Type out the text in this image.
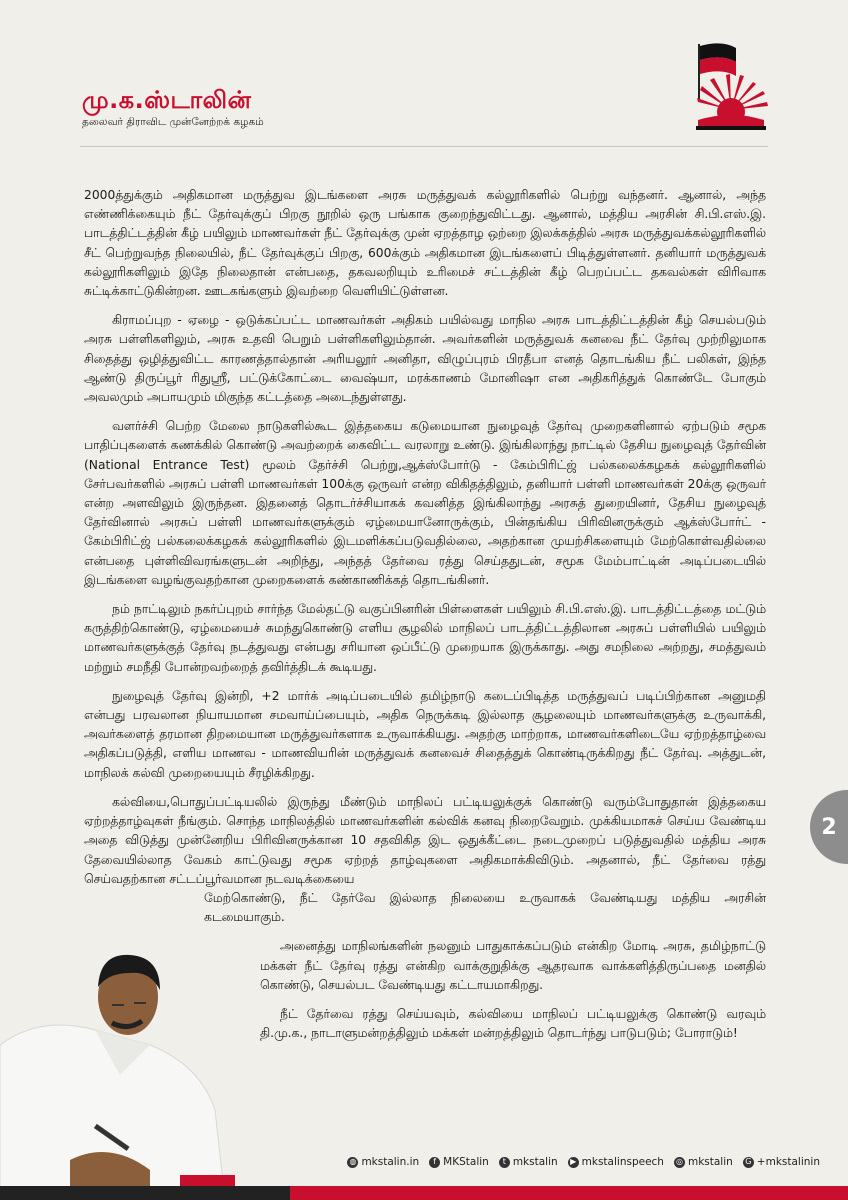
மு.க.ஸ்டாலின்
தலைவர் திராவிட முன்னேற்றக் கழகம்

2000த்துக்கும் அதிகமான மருத்துவ இடங்களை அரசு மருத்துவக் கல்லூரிகளில் பெற்று வந்தனர். ஆனால், அந்த எண்ணிக்கையும் நீட் தேர்வுக்குப் பிறகு நூறில் ஒரு பங்காக குறைந்துவிட்டது. ஆனால், மத்திய அரசின் சி.பி.எஸ்.இ. பாடத்திட்டத்தின் கீழ் பயிலும் மாணவர்கள் நீட் தேர்வுக்கு முன் ஏறத்தாழ ஒற்றை இலக்கத்தில் அரசு மருத்துவக்கல்லூரிகளில் சீட் பெற்றுவந்த நிலையில், நீட் தேர்வுக்குப் பிறகு, 600க்கும் அதிகமான இடங்களைப் பிடித்துள்ளனர். தனியார் மருத்துவக் கல்லூரிகளிலும் இதே நிலைதான் என்பதை, தகவலறியும் உரிமைச் சட்டத்தின் கீழ் பெறப்பட்ட தகவல்கள் விரிவாக சுட்டிக்காட்டுகின்றன. ஊடகங்களும் இவற்றை வெளியிட்டுள்ளன.

கிராமப்புற - ஏழை - ஒடுக்கப்பட்ட மாணவர்கள் அதிகம் பயில்வது மாநில அரசு பாடத்திட்டத்தின் கீழ் செயல்படும் அரசு பள்ளிகளிலும், அரசு உதவி பெறும் பள்ளிகளிலும்தான். அவர்களின் மருத்துவக் கனவை நீட் தேர்வு முற்றிலுமாக சிதைத்து ஒழித்துவிட்ட காரணத்தால்தான் அரியலூர் அனிதா, விழுப்புரம் பிரதீபா எனத் தொடங்கிய நீட் பலிகள், இந்த ஆண்டு திருப்பூர் ரிதுஸ்ரீ, பட்டுக்கோட்டை வைஷ்யா, மரக்காணம் மோனிஷா என அதிகரித்துக் கொண்டே போகும் அவலமும் அபாயமும் மிகுந்த கட்டத்தை அடைந்துள்ளது.

வளர்ச்சி பெற்ற மேலை நாடுகளில்கூட இத்தகைய கடுமையான நுழைவுத் தேர்வு முறைகளினால் ஏற்படும் சமூக பாதிப்புகளைக் கணக்கில் கொண்டு அவற்றைக் கைவிட்ட வரலாறு உண்டு. இங்கிலாந்து நாட்டில் தேசிய நுழைவுத் தேர்வின் (National Entrance Test) மூலம் தேர்ச்சி பெற்று,ஆக்ஸ்போர்டு - கேம்பிரிட்ஜ் பல்கலைக்கழகக் கல்லூரிகளில் சேர்பவர்களில் அரசுப் பள்ளி மாணவர்கள் 100க்கு ஒருவர் என்ற விகிதத்திலும், தனியார் பள்ளி மாணவர்கள் 20க்கு ஒருவர் என்ற அளவிலும் இருந்தன. இதனைத் தொடர்ச்சியாகக் கவனித்த இங்கிலாந்து அரசுத் துறையினர், தேசிய நுழைவுத் தேர்வினால் அரசுப் பள்ளி மாணவர்களுக்கும் ஏழ்மையானோருக்கும், பின்தங்கிய பிரிவினருக்கும் ஆக்ஸ்போர்ட் - கேம்பிரிட்ஜ் பல்கலைக்கழகக் கல்லூரிகளில் இடமளிக்கப்படுவதில்லை, அதற்கான முயற்சிகளையும் மேற்கொள்வதில்லை என்பதை புள்ளிவிவரங்களுடன் அறிந்து, அந்தத் தேர்வை ரத்து செய்ததுடன், சமூக மேம்பாட்டின் அடிப்படையில் இடங்களை வழங்குவதற்கான முறைகளைக் கண்காணிக்கத் தொடங்கினர்.

நம் நாட்டிலும் நகர்ப்புறம் சார்ந்த மேல்தட்டு வகுப்பினரின் பிள்ளைகள் பயிலும் சி.பி.எஸ்.இ. பாடத்திட்டத்தை மட்டும் கருத்திற்கொண்டு, ஏழ்மையைச் சுமந்துகொண்டு எளிய சூழலில் மாநிலப் பாடத்திட்டத்திலான அரசுப் பள்ளியில் பயிலும் மாணவர்களுக்குத் தேர்வு நடத்துவது என்பது சரியான ஒப்பீட்டு முறையாக இருக்காது. அது சமநிலை அற்றது, சமத்துவம் மற்றும் சமநீதி போன்றவற்றைத் தவிர்த்திடக் கூடியது.

நுழைவுத் தேர்வு இன்றி, +2 மார்க் அடிப்படையில் தமிழ்நாடு கடைப்பிடித்த மருத்துவப் படிப்பிற்கான அனுமதி என்பது பரவலான நியாயமான சமவாய்ப்பையும், அதிக நெருக்கடி இல்லாத சூழலையும் மாணவர்களுக்கு உருவாக்கி, அவர்களைத் தரமான திறமையான மருத்துவர்களாக உருவாக்கியது. அதற்கு மாற்றாக, மாணவர்களிடையே ஏற்றத்தாழ்வை அதிகப்படுத்தி, எளிய மாணவ - மாணவியரின் மருத்துவக் கனவைச் சிதைத்துக் கொண்டிருக்கிறது நீட் தேர்வு. அத்துடன், மாநிலக் கல்வி முறையையும் சீரழிக்கிறது.

கல்வியை,பொதுப்பட்டியலில் இருந்து மீண்டும் மாநிலப் பட்டியலுக்குக் கொண்டு வரும்போதுதான் இத்தகைய ஏற்றத்தாழ்வுகள் நீங்கும். சொந்த மாநிலத்தில் மாணவர்களின் கல்விக் கனவு நிறைவேறும். முக்கியமாகச் செய்ய வேண்டிய அதை விடுத்து முன்னேறிய பிரிவினருக்கான 10 சதவிகித இட ஒதுக்கீட்டை நடைமுறைப் படுத்துவதில் மத்திய அரசு தேவையில்லாத வேகம் காட்டுவது சமூக ஏற்றத் தாழ்வுகளை அதிகமாக்கிவிடும். அதனால், நீட் தேர்வை ரத்து செய்வதற்கான சட்டப்பூர்வமான நடவடிக்கையை

மேற்கொண்டு, நீட் தேர்வே இல்லாத நிலையை உருவாகக் வேண்டியது மத்திய அரசின் கடமையாகும்.

அனைத்து மாநிலங்களின் நலனும் பாதுகாக்கப்படும் என்கிற மோடி அரசு, தமிழ்நாட்டு மக்கள் நீட் தேர்வு ரத்து என்கிற வாக்குறுதிக்கு ஆதரவாக வாக்களித்திருப்பதை மனதில் கொண்டு, செயல்பட வேண்டியது கட்டாயமாகிறது.

நீட் தேர்வை ரத்து செய்யவும், கல்வியை மாநிலப் பட்டியலுக்கு கொண்டு வரவும் தி.மு.க., நாடாளுமன்றத்திலும் மக்கள் மன்றத்திலும் தொடர்ந்து பாடுபடும்; போராடும்!

2
◍ mkstalin.in	f MKStalin	t mkstalin	▶ mkstalinspeech ◎ mkstalin G +mkstalinin
